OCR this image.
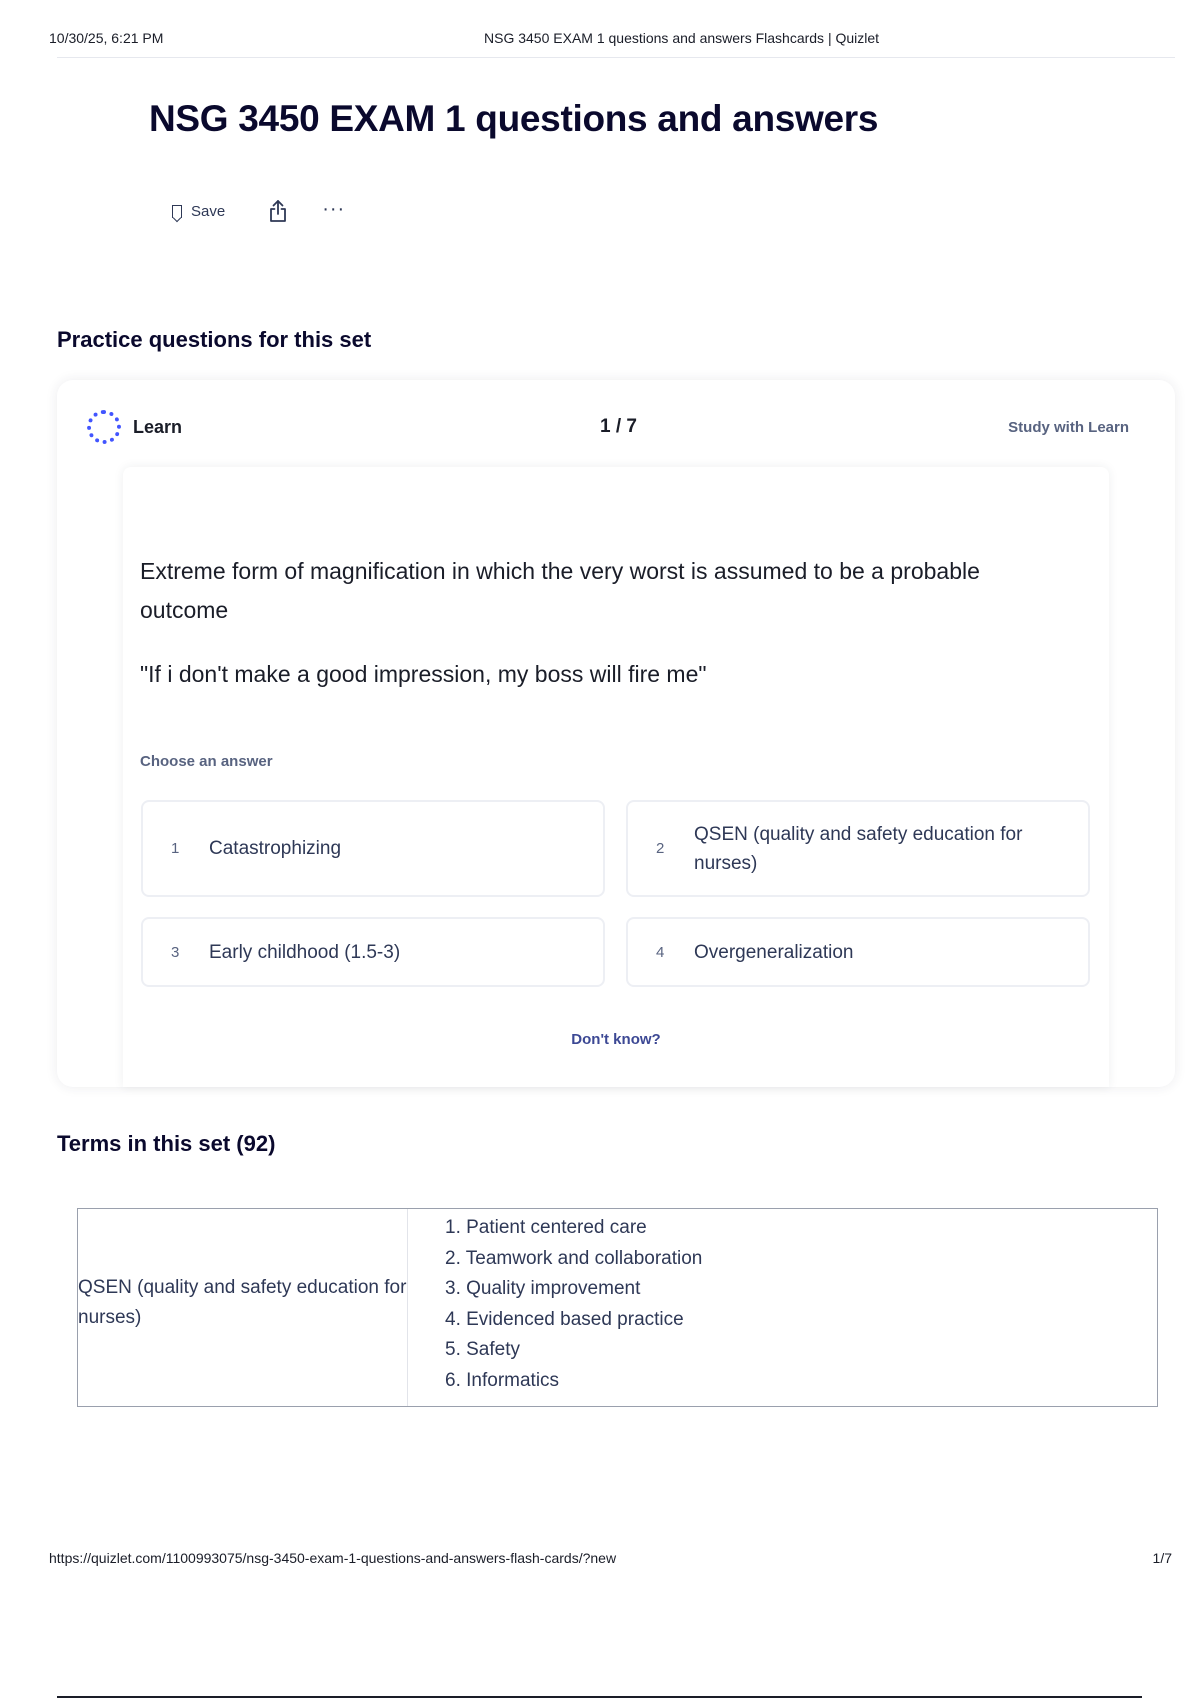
10/30/25, 6:21 PM	NSG 3450 EXAM 1 questions and answers Flashcards | Quizlet
NSG 3450 EXAM 1 questions and answers
Save	···
Practice questions for this set
Learn	1 / 7	Study with Learn

Extreme form of magnification in which the very worst is assumed to be a probable outcome

"If i don't make a good impression, my boss will fire me"

Choose an answer

1	Catastrophizing	2
QSEN (quality and safety education for nurses)
3	Early childhood (1.5-3)	4	Overgeneralization

Don't know?

Terms in this set (92)
QSEN (quality and safety education for nurses)
1. Patient centered care
2. Teamwork and collaboration
3. Quality improvement
4. Evidenced based practice
5. Safety
6. Informatics
https://quizlet.com/1100993075/nsg-3450-exam-1-questions-and-answers-flash-cards/?new	1/7
